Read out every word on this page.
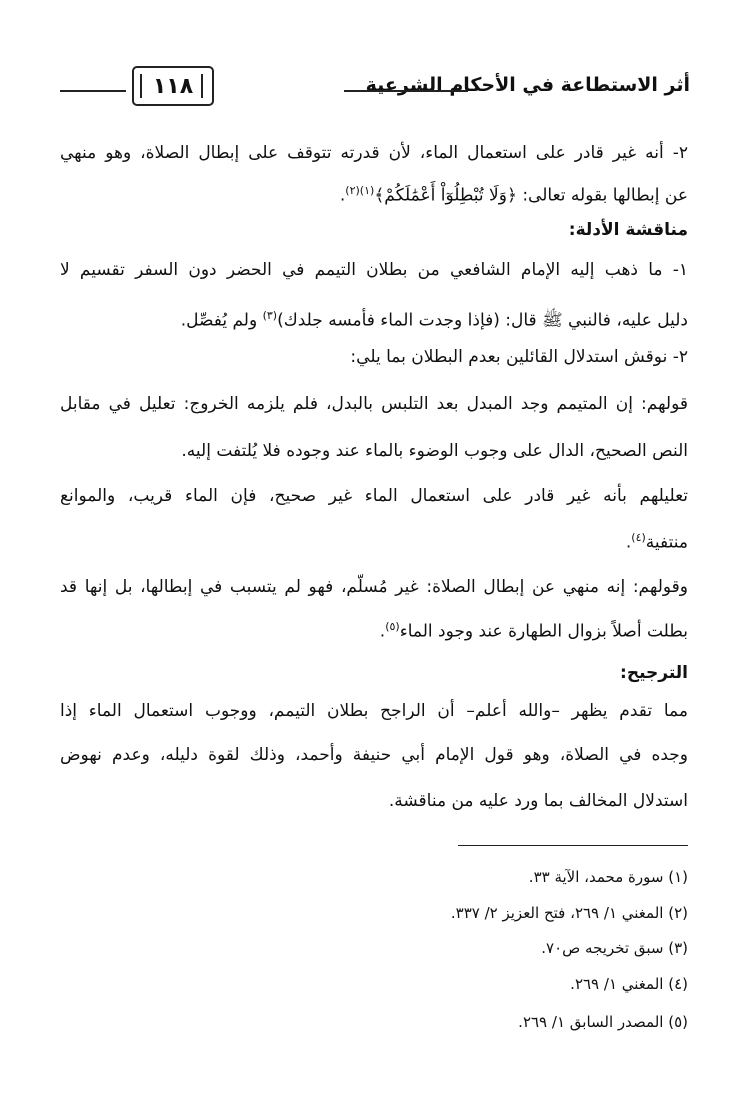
أثر الاستطاعة في الأحكام الشرعية
١١٨
٢- أنه غير قادر على استعمال الماء، لأن قدرته تتوقف على إبطال الصلاة، وهو منهي
عن إبطالها بقوله تعالى: ﴿وَلَا تُبْطِلُوٓاْ أَعْمَٰلَكُمْ﴾$^{(١)(٢)}$.
مناقشة الأدلة:
١- ما ذهب إليه الإمام الشافعي من بطلان التيمم في الحضر دون السفر تقسيم لا
دليل عليه، فالنبي ﷺ قال: (فإذا وجدت الماء فأمسه جلدك)$^{(٣)}$ ولم يُفصِّل.
٢- نوقش استدلال القائلين بعدم البطلان بما يلي:
قولهم: إن المتيمم وجد المبدل بعد التلبس بالبدل، فلم يلزمه الخروج: تعليل في مقابل
النص الصحيح، الدال على وجوب الوضوء بالماء عند وجوده فلا يُلتفت إليه.
تعليلهم بأنه غير قادر على استعمال الماء غير صحيح، فإن الماء قريب، والموانع
منتفية$^{(٤)}$.
وقولهم: إنه منهي عن إبطال الصلاة: غير مُسلَّم، فهو لم يتسبب في إبطالها، بل إنها قد
بطلت أصلاً بزوال الطهارة عند وجود الماء$^{(٥)}$.
الترجيح:
مما تقدم يظهر –والله أعلم– أن الراجح بطلان التيمم، ووجوب استعمال الماء إذا
وجده في الصلاة، وهو قول الإمام أبي حنيفة وأحمد، وذلك لقوة دليله، وعدم نهوض
استدلال المخالف بما ورد عليه من مناقشة.
(١) سورة محمد، الآية ٣٣.
(٢) المغني ١/ ٢٦٩، فتح العزيز ٢/ ٣٣٧.
(٣) سبق تخريجه ص٧٠.
(٤) المغني ١/ ٢٦٩.
(٥) المصدر السابق ١/ ٢٦٩.
